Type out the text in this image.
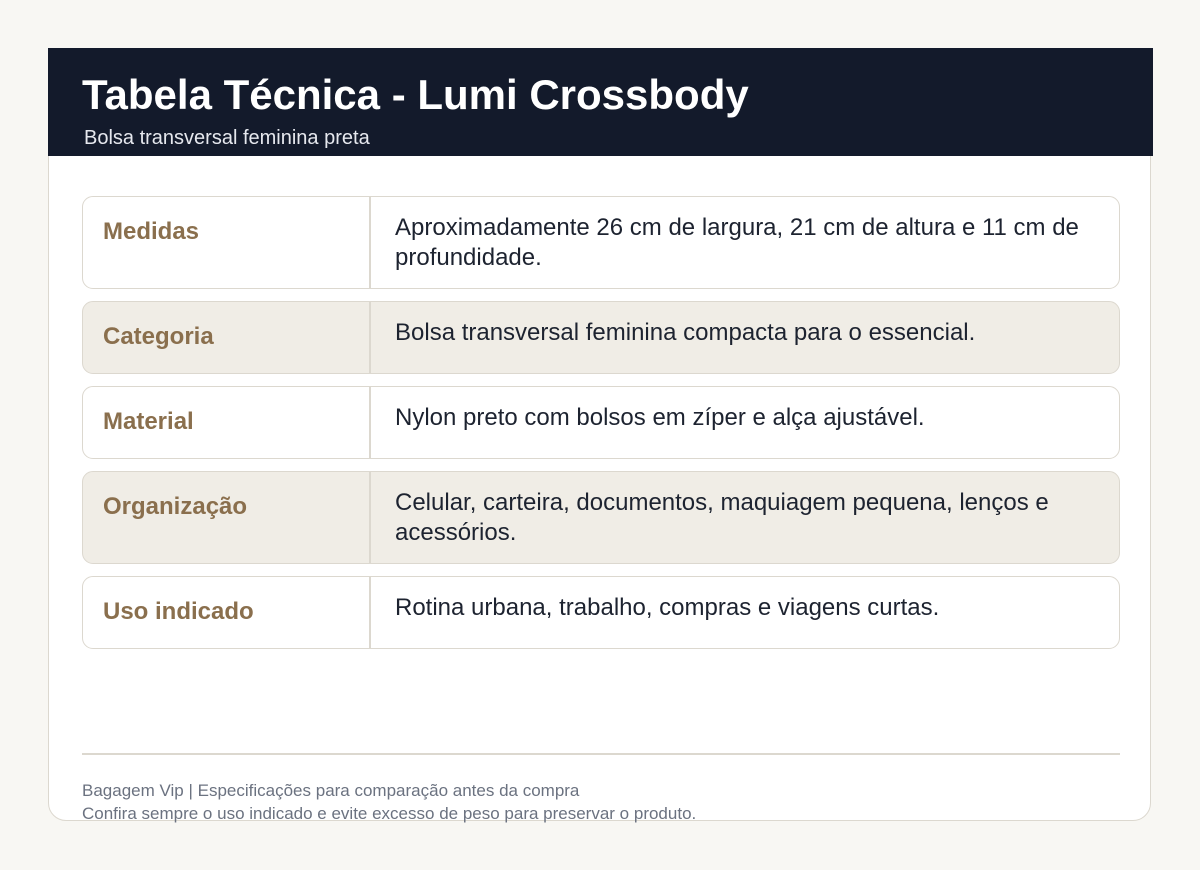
Tabela Técnica - Lumi Crossbody
Bolsa transversal feminina preta
Medidas	Aproximadamente 26 cm de largura, 21 cm de altura e 11 cm de profundidade.
Categoria	Bolsa transversal feminina compacta para o essencial.
Material	Nylon preto com bolsos em zíper e alça ajustável.
Organização	Celular, carteira, documentos, maquiagem pequena, lenços e acessórios.
Uso indicado	Rotina urbana, trabalho, compras e viagens curtas.
Bagagem Vip | Especificações para comparação antes da compra
Confira sempre o uso indicado e evite excesso de peso para preservar o produto.
